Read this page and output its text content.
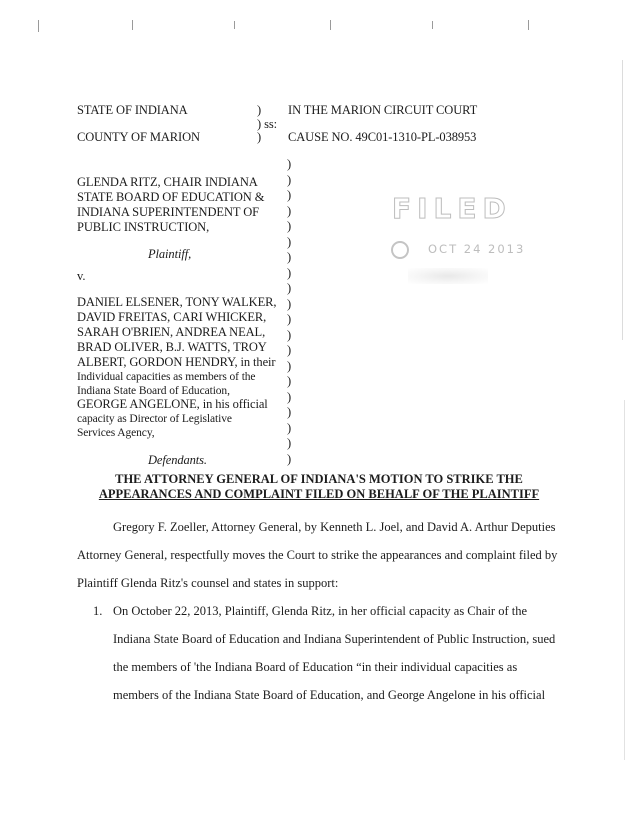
STATE OF INDIANA
COUNTY OF MARION
)
) ss:
)
IN THE MARION CIRCUIT COURT
CAUSE NO. 49C01-1310-PL-038953
GLENDA RITZ, CHAIR INDIANA
STATE BOARD OF EDUCATION &
INDIANA SUPERINTENDENT OF
PUBLIC INSTRUCTION,
Plaintiff,
v.
DANIEL ELSENER, TONY WALKER,
DAVID FREITAS, CARI WHICKER,
SARAH O'BRIEN, ANDREA NEAL,
BRAD OLIVER, B.J. WATTS, TROY
ALBERT, GORDON HENDRY, in their
Individual capacities as members of the
Indiana State Board of Education,
GEORGE ANGELONE, in his official
capacity as Director of Legislative
Services Agency,
Defendants.
)
)
)
)
)
)
)
)
)
)
)
)
)
)
)
)
)
)
)
)
FILED
OCT 24 2013
THE ATTORNEY GENERAL OF INDIANA'S MOTION TO STRIKE THE
APPEARANCES AND COMPLAINT FILED ON BEHALF OF THE PLAINTIFF
Gregory F. Zoeller, Attorney General, by Kenneth L. Joel, and David A. Arthur Deputies
Attorney General, respectfully moves the Court to strike the appearances and complaint filed by
Plaintiff Glenda Ritz's counsel and states in support:
1. On October 22, 2013, Plaintiff, Glenda Ritz, in her official capacity as Chair of the
Indiana State Board of Education and Indiana Superintendent of Public Instruction, sued
the members of 'the Indiana Board of Education “in their individual capacities as
members of the Indiana State Board of Education, and George Angelone in his official
